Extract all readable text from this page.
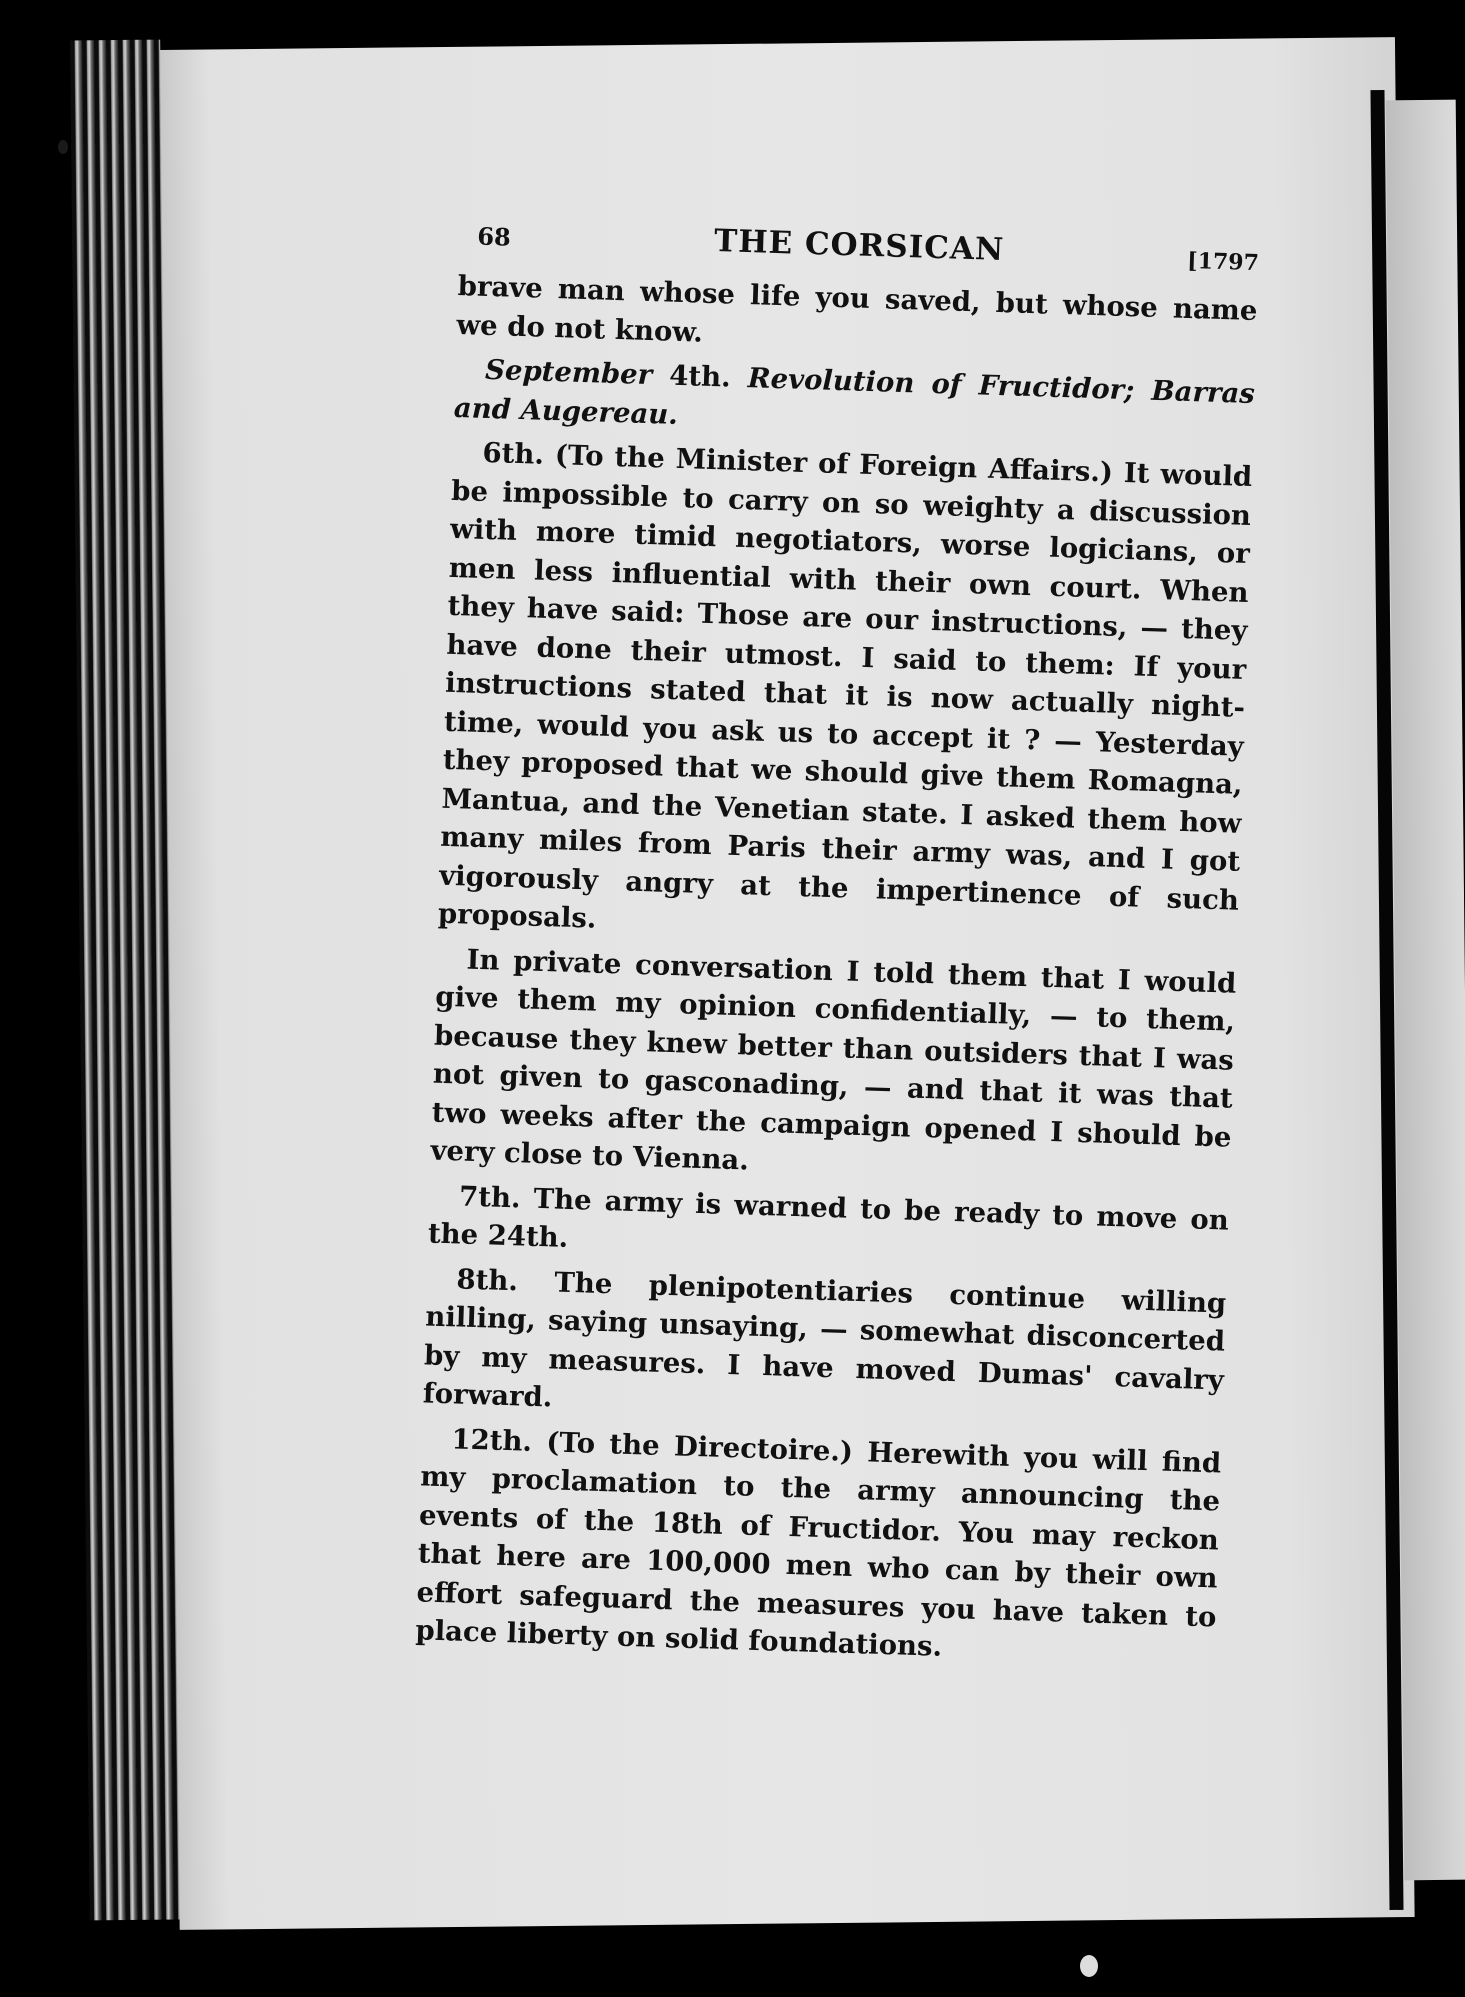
68	THE CORSICAN	[1797

brave man whose life you saved, but whose name we do not know.

September 4th. Revolution of Fructidor; Barras and Augereau.

6th. (To the Minister of Foreign Affairs.) It would be impossible to carry on so weighty a discussion with more timid negotiators, worse logicians, or men less influential with their own court. When they have said: Those are our instructions, — they have done their utmost. I said to them: If your instructions stated that it is now actually night-time, would you ask us to accept it ? — Yesterday they proposed that we should give them Romagna, Mantua, and the Venetian state. I asked them how many miles from Paris their army was, and I got vigorously angry at the impertinence of such proposals.

In private conversation I told them that I would give them my opinion confidentially, — to them, because they knew better than outsiders that I was not given to gasconading, — and that it was that two weeks after the campaign opened I should be very close to Vienna.

7th. The army is warned to be ready to move on the 24th.

8th. The plenipotentiaries continue willing nilling, saying unsaying, — somewhat disconcerted by my measures. I have moved Dumas' cavalry forward.

12th. (To the Directoire.) Herewith you will find my proclamation to the army announcing the events of the 18th of Fructidor. You may reckon that here are 100,000 men who can by their own effort safeguard the measures you have taken to place liberty on solid foundations.
